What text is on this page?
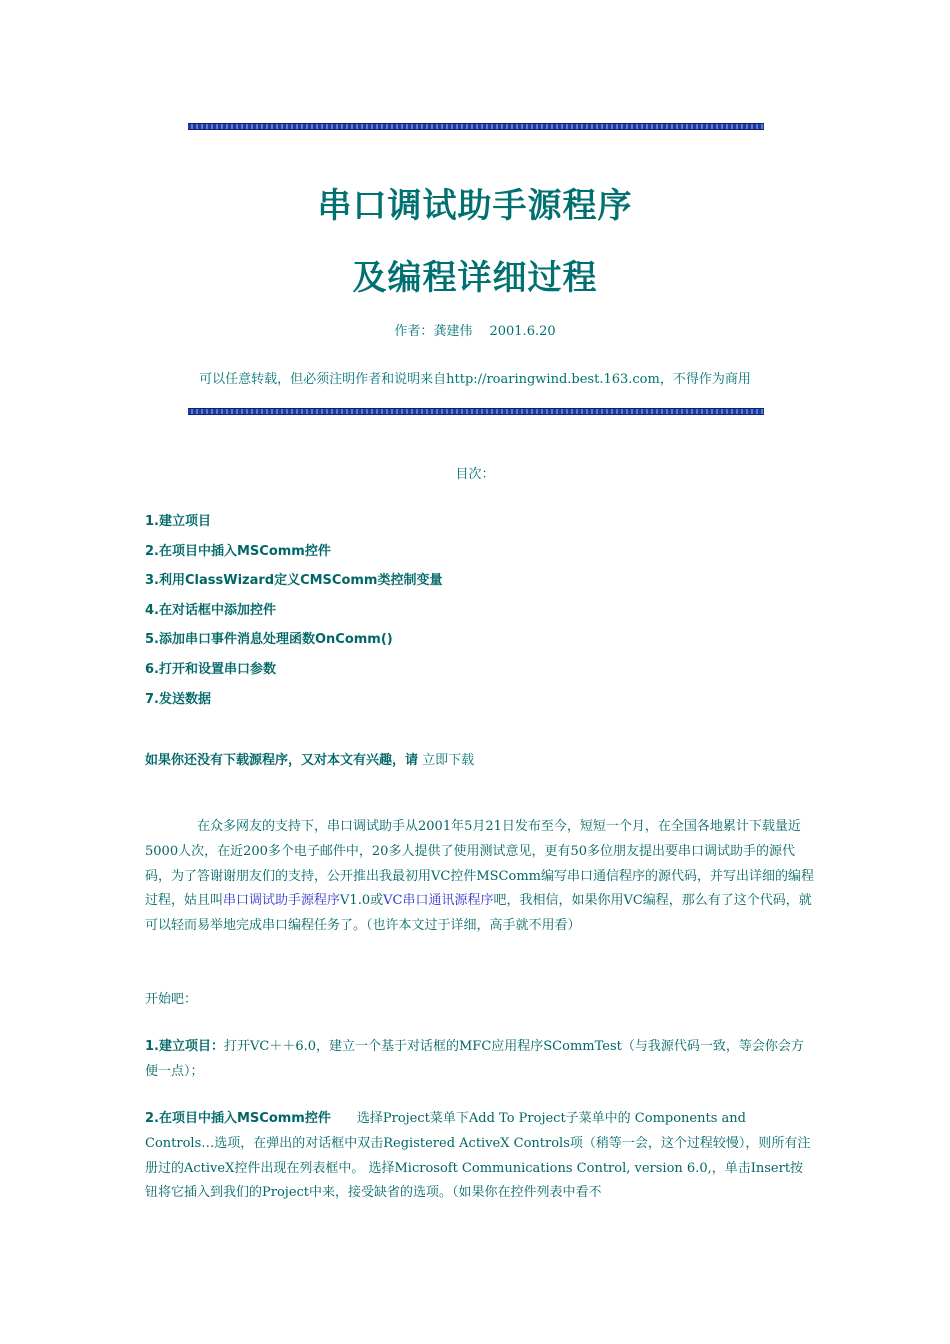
串口调试助手源程序
及编程详细过程
作者：龚建伟　 2001.6.20
可以任意转载，但必须注明作者和说明来自http://roaringwind.best.163.com，不得作为商用
目次：
1.建立项目
2.在项目中插入MSComm控件
3.利用ClassWizard定义CMSComm类控制变量
4.在对话框中添加控件
5.添加串口事件消息处理函数OnComm()
6.打开和设置串口参数
7.发送数据

如果你还没有下载源程序，又对本文有兴趣，请 立即下载

在众多网友的支持下，串口调试助手从2001年5月21日发布至今，短短一个月，在全国各地累计下载量近5000人次，在近200多个电子邮件中，20多人提供了使用测试意见，更有50多位朋友提出要串口调试助手的源代码，为了答谢谢朋友们的支持，公开推出我最初用VC控件MSComm编写串口通信程序的源代码，并写出详细的编程过程，姑且叫串口调试助手源程序V1.0或VC串口通讯源程序吧，我相信，如果你用VC编程，那么有了这个代码，就可以轻而易举地完成串口编程任务了。（也许本文过于详细，高手就不用看）

开始吧：

1.建立项目：打开VC＋＋6.0，建立一个基于对话框的MFC应用程序SCommTest（与我源代码一致，等会你会方便一点）；

2.在项目中插入MSComm控件　　选择Project菜单下Add To Project子菜单中的 Components and Controls…选项，在弹出的对话框中双击Registered ActiveX Controls项（稍等一会，这个过程较慢），则所有注册过的ActiveX控件出现在列表框中。 选择Microsoft Communications Control, version 6.0,，单击Insert按钮将它插入到我们的Project中来，接受缺省的选项。（如果你在控件列表中看不
